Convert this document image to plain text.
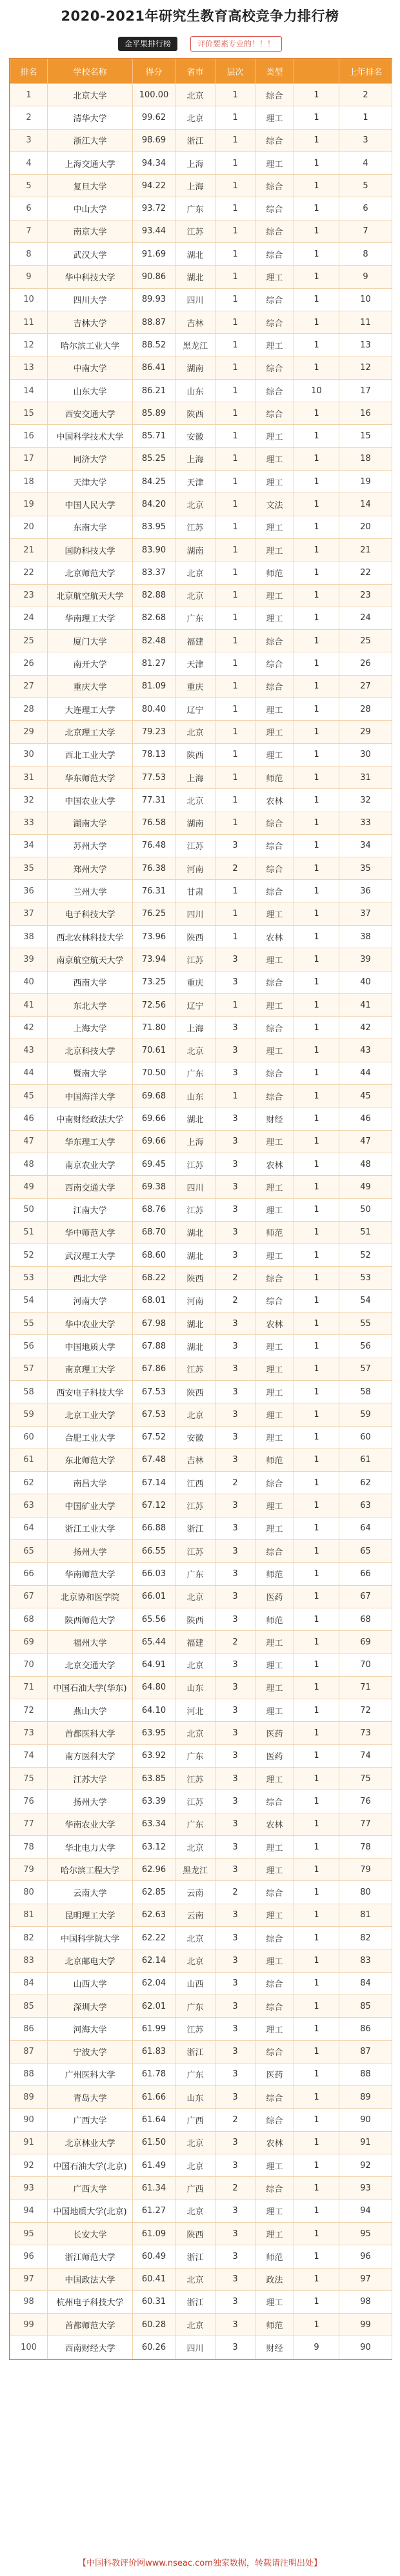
2020-2021年研究生教育高校竞争力排行榜
金平果排行榜	评价要素专业的！！！
排名	学校名称	得分	省市	层次	类型		上年排名
1	北京大学	100.00	北京	1	综合	1	2
2	清华大学	99.62	北京	1	理工	1	1
3	浙江大学	98.69	浙江	1	综合	1	3
4	上海交通大学	94.34	上海	1	理工	1	4
5	复旦大学	94.22	上海	1	综合	1	5
6	中山大学	93.72	广东	1	综合	1	6
7	南京大学	93.44	江苏	1	综合	1	7
8	武汉大学	91.69	湖北	1	综合	1	8
9	华中科技大学	90.86	湖北	1	理工	1	9
10	四川大学	89.93	四川	1	综合	1	10
11	吉林大学	88.87	吉林	1	综合	1	11
12	哈尔滨工业大学	88.52	黑龙江	1	理工	1	13
13	中南大学	86.41	湖南	1	综合	1	12
14	山东大学	86.21	山东	1	综合	10	17
15	西安交通大学	85.89	陕西	1	综合	1	16
16	中国科学技术大学	85.71	安徽	1	理工	1	15
17	同济大学	85.25	上海	1	理工	1	18
18	天津大学	84.25	天津	1	理工	1	19
19	中国人民大学	84.20	北京	1	文法	1	14
20	东南大学	83.95	江苏	1	理工	1	20
21	国防科技大学	83.90	湖南	1	理工	1	21
22	北京师范大学	83.37	北京	1	师范	1	22
23	北京航空航天大学	82.88	北京	1	理工	1	23
24	华南理工大学	82.68	广东	1	理工	1	24
25	厦门大学	82.48	福建	1	综合	1	25
26	南开大学	81.27	天津	1	综合	1	26
27	重庆大学	81.09	重庆	1	综合	1	27
28	大连理工大学	80.40	辽宁	1	理工	1	28
29	北京理工大学	79.23	北京	1	理工	1	29
30	西北工业大学	78.13	陕西	1	理工	1	30
31	华东师范大学	77.53	上海	1	师范	1	31
32	中国农业大学	77.31	北京	1	农林	1	32
33	湖南大学	76.58	湖南	1	综合	1	33
34	苏州大学	76.48	江苏	3	综合	1	34
35	郑州大学	76.38	河南	2	综合	1	35
36	兰州大学	76.31	甘肃	1	综合	1	36
37	电子科技大学	76.25	四川	1	理工	1	37
38	西北农林科技大学	73.96	陕西	1	农林	1	38
39	南京航空航天大学	73.94	江苏	3	理工	1	39
40	西南大学	73.25	重庆	3	综合	1	40
41	东北大学	72.56	辽宁	1	理工	1	41
42	上海大学	71.80	上海	3	综合	1	42
43	北京科技大学	70.61	北京	3	理工	1	43
44	暨南大学	70.50	广东	3	综合	1	44
45	中国海洋大学	69.68	山东	1	综合	1	45
46	中南财经政法大学	69.66	湖北	3	财经	1	46
47	华东理工大学	69.66	上海	3	理工	1	47
48	南京农业大学	69.45	江苏	3	农林	1	48
49	西南交通大学	69.38	四川	3	理工	1	49
50	江南大学	68.76	江苏	3	理工	1	50
51	华中师范大学	68.70	湖北	3	师范	1	51
52	武汉理工大学	68.60	湖北	3	理工	1	52
53	西北大学	68.22	陕西	2	综合	1	53
54	河南大学	68.01	河南	2	综合	1	54
55	华中农业大学	67.98	湖北	3	农林	1	55
56	中国地质大学	67.88	湖北	3	理工	1	56
57	南京理工大学	67.86	江苏	3	理工	1	57
58	西安电子科技大学	67.53	陕西	3	理工	1	58
59	北京工业大学	67.53	北京	3	理工	1	59
60	合肥工业大学	67.52	安徽	3	理工	1	60
61	东北师范大学	67.48	吉林	3	师范	1	61
62	南昌大学	67.14	江西	2	综合	1	62
63	中国矿业大学	67.12	江苏	3	理工	1	63
64	浙江工业大学	66.88	浙江	3	理工	1	64
65	扬州大学	66.55	江苏	3	综合	1	65
66	华南师范大学	66.03	广东	3	师范	1	66
67	北京协和医学院	66.01	北京	3	医药	1	67
68	陕西师范大学	65.56	陕西	3	师范	1	68
69	福州大学	65.44	福建	2	理工	1	69
70	北京交通大学	64.91	北京	3	理工	1	70
71	中国石油大学(华东)	64.80	山东	3	理工	1	71
72	燕山大学	64.10	河北	3	理工	1	72
73	首都医科大学	63.95	北京	3	医药	1	73
74	南方医科大学	63.92	广东	3	医药	1	74
75	江苏大学	63.85	江苏	3	理工	1	75
76	扬州大学	63.39	江苏	3	综合	1	76
77	华南农业大学	63.34	广东	3	农林	1	77
78	华北电力大学	63.12	北京	3	理工	1	78
79	哈尔滨工程大学	62.96	黑龙江	3	理工	1	79
80	云南大学	62.85	云南	2	综合	1	80
81	昆明理工大学	62.63	云南	3	理工	1	81
82	中国科学院大学	62.22	北京	3	综合	1	82
83	北京邮电大学	62.14	北京	3	理工	1	83
84	山西大学	62.04	山西	3	综合	1	84
85	深圳大学	62.01	广东	3	综合	1	85
86	河海大学	61.99	江苏	3	理工	1	86
87	宁波大学	61.83	浙江	3	综合	1	87
88	广州医科大学	61.78	广东	3	医药	1	88
89	青岛大学	61.66	山东	3	综合	1	89
90	广西大学	61.64	广西	2	综合	1	90
91	北京林业大学	61.50	北京	3	农林	1	91
92	中国石油大学(北京)	61.49	北京	3	理工	1	92
93	广西大学	61.34	广西	2	综合	1	93
94	中国地质大学(北京)	61.27	北京	3	理工	1	94
95	长安大学	61.09	陕西	3	理工	1	95
96	浙江师范大学	60.49	浙江	3	师范	1	96
97	中国政法大学	60.41	北京	3	政法	1	97
98	杭州电子科技大学	60.31	浙江	3	理工	1	98
99	首都师范大学	60.28	北京	3	师范	1	99
100	西南财经大学	60.26	四川	3	财经	9	90
【中国科教评价网www.nseac.com独家数据，转载请注明出处】
